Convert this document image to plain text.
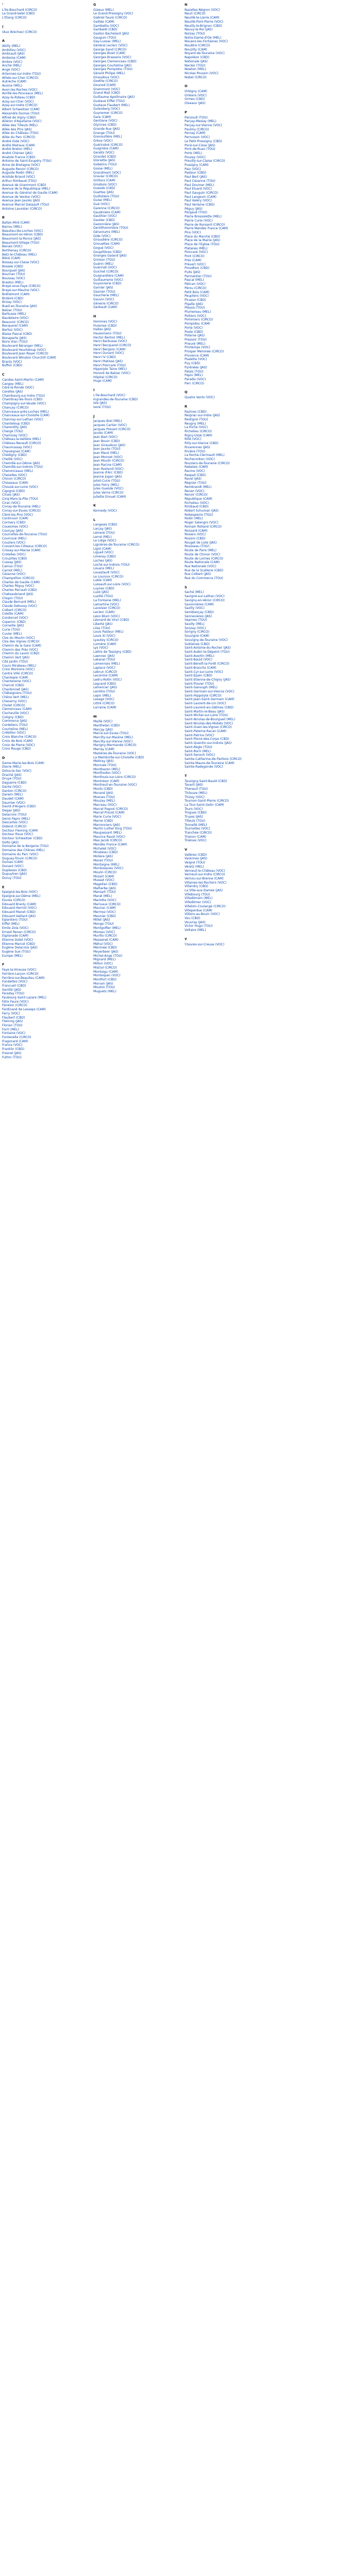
’
L'Île-Bouchard (CIRCO)
Le Grand-Vatel (CBD)
L'Étang (CIRCO)
(
(Aux Brèches) (CIRCO)
A
Abilly (MEL)
Ambillou (VOC)
Ambrault (JAS)
Amboise (CAM)
Ambre (VOC)
Anché (MEL)
Angé (VOC)
Artannes-sur-Indre (TOU)
Athée-sur-Cher (CIRCO)
Autrèche (CAM)
Avoine (MEL)
Avon-les-Roches (VOC)
Avrillé-les-Ponceaux (MEL)
Azay-le-Rideau (CBD)
Azay-sur-Cher (VOC)
Azay-sur-Indre (CIRCO)
Albert Schweitzer (CAM)
Alexandre Dumas (TOU)
Alfred de Vigny (CBD)
Aliénor d'Aquitaine (VOC)
Allée des Tilleuls (MEL)
Allée des Pins (JAS)
Allée du Château (TOU)
Allée du Parc (CIRCO)
André Gide (VOC)
André Malraux (CAM)
André Breton (MEL)
André Chénier (JAS)
Anatole France (CBD)
Antoine de Saint-Exupéry (TOU)
Anne de Bretagne (VOC)
Auguste Renoir (CIRCO)
Auguste Rodin (MEL)
Aristide Briand (VOC)
Arthur Rimbaud (TOU)
Avenue de Grammont (CBD)
Avenue de la République (MEL)
Avenue du Général de Gaulle (CAM)
Avenue de Verdun (VOC)
Avenue Jean Jaurès (JAS)
Avenue Marcel Dassault (TOU)
Antoine Lavoisier (CIRCO)
B
Ballan-Miré (CAM)
Barrou (MEL)
Beaulieu-lès-Loches (VOC)
Beaumont-en-Véron (CBD)
Beaumont-la-Ronce (JAS)
Beaumont-Village (TOU)
Benais (VOC)
Berthenay (CIRCO)
Betz-le-Château (MEL)
Bléré (CAM)
Bossay-sur-Claise (VOC)
Bossée (CBD)
Bourgueil (JAS)
Bournan (TOU)
Boussay (VOC)
Braslou (MEL)
Braye-sous-Faye (CIRCO)
Braye-sur-Maulne (VOC)
Bréhémont (CAM)
Bridoré (CBD)
Brizay (VOC)
Bueil-en-Touraine (JAS)
Balzac (TOU)
Barbusse (MEL)
Baudelaire (VOC)
Beauvoir (CIRCO)
Becquerel (CAM)
Berlioz (VOC)
Blaise Pascal (CBD)
Bonaparte (JAS)
Boris Vian (TOU)
Boulevard Béranger (MEL)
Boulevard Heurteloup (VOC)
Boulevard Jean Royer (CIRCO)
Boulevard Winston Churchill (CAM)
Branly (VOC)
Buffon (CBD)
C
Candes-Saint-Martin (CAM)
Cangey (MEL)
Céré-la-Ronde (VOC)
Cerelles (JAS)
Chambourg-sur-Indre (TOU)
Chambray-lès-Tours (CBD)
Champigny-sur-Veude (VOC)
Chançay (CIRCO)
Chanceaux-près-Loches (MEL)
Chanceaux-sur-Choisille (CAM)
Channay-sur-Lathan (VOC)
Chanteloup (CBD)
Charentilly (JAS)
Chargé (TOU)
Charnizay (VOC)
Château-la-Vallière (MEL)
Château-Renault (CIRCO)
Chaumussay (VOC)
Chaveignes (CAM)
Chédigny (CBD)
Cheillé (VOC)
Chemillé-sur-Dême (JAS)
Chemillé-sur-Indrois (TOU)
Chenonceaux (MEL)
Chezelles (VOC)
Chinon (CIRCO)
Chisseaux (CAM)
Chouzé-sur-Loire (VOC)
Cigogné (CBD)
Cinais (JAS)
Cinq-Mars-la-Pile (TOU)
Ciran (VOC)
Civray-de-Touraine (MEL)
Civray-sur-Esves (CIRCO)
Cléré-les-Pins (VOC)
Continvoir (CAM)
Cormery (CBD)
Couesmes (VOC)
Courçay (JAS)
Courcelles-de-Touraine (TOU)
Courcoué (MEL)
Couziers (VOC)
Cravant-les-Côteaux (CIRCO)
Crissay-sur-Manse (CAM)
Crotelles (VOC)
Crouzilles (CBD)
Cussay (JAS)
Camus (TOU)
Carnot (MEL)
Cézanne (VOC)
Champollion (CIRCO)
Charles de Gaulle (CAM)
Charles Péguy (VOC)
Charles Perrault (CBD)
Chateaubriand (JAS)
Chopin (TOU)
Claude Bernard (MEL)
Claude Debussy (VOC)
Colbert (CIRCO)
Colette (CAM)
Condorcet (VOC)
Copernic (CBD)
Corneille (JAS)
Curie (TOU)
Cuvier (MEL)
Clos du Moulin (VOC)
Clos des Vignes (CIRCO)
Chemin de la Gare (CAM)
Chemin des Prés (VOC)
Chemin du Lavoir (CBD)
Chemin Vert (JAS)
Cité Jardin (TOU)
Cours Mirabeau (MEL)
Croix Montoire (VOC)
Centre Ville (CIRCO)
Chantepie (CAM)
Chantereine (VOC)
Charcot (CBD)
Chardonnet (JAS)
Châtaigniers (TOU)
Chêne Vert (MEL)
Cheverny (VOC)
Cholet (CIRCO)
Clemenceau (CAM)
Clocheville (VOC)
Coligny (CBD)
Commerce (JAS)
Cordeliers (TOU)
Courteline (MEL)
Crébillon (VOC)
Croix Blanche (CIRCO)
Croix de Bois (CAM)
Croix de Pierre (VOC)
Croix Rouge (CBD)
D
Dame-Marie-les-Bois (CAM)
Dierre (MEL)
Dolus-le-Sec (VOC)
Draché (JAS)
Druye (TOU)
Daguerre (CBD)
Dante (VOC)
Danton (CIRCO)
Darwin (MEL)
Daudet (CAM)
Daumier (VOC)
David d'Angers (CBD)
Degas (JAS)
Delacroix (TOU)
Denis Papin (MEL)
Descartes (VOC)
Diderot (CIRCO)
Docteur Fleming (CAM)
Docteur Roux (VOC)
Docteur Schweitzer (CBD)
Dolto (JAS)
Domaine de la Bergerie (TOU)
Domaine des Chênes (MEL)
Domaine du Parc (VOC)
Duguay-Trouin (CIRCO)
Dumas (CAM)
Dunant (VOC)
Duplessis (CBD)
Dupuytren (JAS)
Duruy (TOU)
E
Épeigné-les-Bois (VOC)
Épeigné-sur-Dême (MEL)
Esvres (CIRCO)
Édouard Branly (CAM)
Édouard Herriot (VOC)
Édouard Manet (CBD)
Édouard Vaillant (JAS)
Églantiers (TOU)
Eiffel (MEL)
Émile Zola (VOC)
Ernest Renan (CIRCO)
Esplanade (CAM)
Étienne Dolet (VOC)
Étienne Marcel (CBD)
Eugène Delacroix (JAS)
Eugène Sue (TOU)
Europe (MEL)
F
Faye-la-Vineuse (VOC)
Ferrière-Larçon (CIRCO)
Ferrière-sur-Beaulieu (CAM)
Fondettes (VOC)
Francueil (CBD)
Genillé (JAS)
Faraday (TOU)
Faubourg Saint-Lazare (MEL)
Félix Faure (VOC)
Fénelon (CIRCO)
Ferdinand de Lesseps (CAM)
Ferry (VOC)
Flaubert (CBD)
Fleming (JAS)
Florian (TOU)
Foch (MEL)
Fontaine (VOC)
Fontenelle (CIRCO)
Fragonard (CAM)
France (VOC)
Franklin (CBD)
Fresnel (JAS)
Fulton (TOU)
G
Gizeux (MEL)
Le Grand-Pressigny (VOC)
Gabriel Fauré (CIRCO)
Galilée (CAM)
Gambetta (VOC)
Garibaldi (CBD)
Gaston Bachelard (JAS)
Gauguin (TOU)
Gay-Lussac (MEL)
Général Leclerc (VOC)
George Sand (CIRCO)
Georges Bizet (CAM)
Georges Brassens (VOC)
Georges Clemenceau (CBD)
Georges Courteline (JAS)
Georges Pompidou (TOU)
Gérard Philipe (MEL)
Giraudoux (VOC)
Goethe (CIRCO)
Gounod (CAM)
Grammont (VOC)
Grand Mail (CBD)
Guillaume Apollinaire (JAS)
Gustave Eiffel (TOU)
Gustave Flaubert (MEL)
Gutenberg (VOC)
Guynemer (CIRCO)
Gare (CAM)
Gentiane (VOC)
Glycines (CBD)
Grande Rue (JAS)
Grange (TOU)
Grenouillère (MEL)
Grève (VOC)
Guérinière (CIRCO)
Guignière (CAM)
Genêts (VOC)
Girardet (CBD)
Gloriette (JAS)
Gobelins (TOU)
Gosse (MEL)
Grandmont (VOC)
Gravier (CIRCO)
Grillons (CAM)
Grosbois (VOC)
Guesde (CBD)
Guettes (JAS)
Guillotière (TOU)
Guise (MEL)
Gué (VOC)
Garenne (CIRCO)
Gaudinière (CAM)
Gauthier (VOC)
Gautier (CBD)
Gazonnière (JAS)
Gentilhommière (TOU)
Géraniums (MEL)
Gide (VOC)
Giraudière (CIRCO)
Girouettes (CAM)
Gogué (VOC)
Goupillières (CBD)
Granges Galand (JAS)
Groison (TOU)
Guérin (MEL)
Guérinet (VOC)
Guichet (CIRCO)
Guignardière (CAM)
Guillaumerie (VOC)
Guyonnerie (CBD)
Garnier (JAS)
Gasnier (TOU)
Gaucherie (MEL)
Gauvin (VOC)
Génerie (CIRCO)
Gerbault (CAM)
H
Hommes (VOC)
Huismes (CBD)
Halles (JAS)
Haussmann (TOU)
Hector Berlioz (MEL)
Henri Barbusse (VOC)
Henri Becquerel (CIRCO)
Henri Bergson (CAM)
Henri Dunant (VOC)
Henri IV (CBD)
Henri Matisse (JAS)
Henri Poincaré (TOU)
Hippolyte Taine (MEL)
Honoré de Balzac (VOC)
Hôpital (CIRCO)
Hugo (CAM)
I
L'Île-Bouchard (VOC)
Ingrandes-de-Touraine (CBD)
Isle (JAS)
Isoré (TOU)
J
Jacques Brel (MEL)
Jacques Cartier (VOC)
Jacques Prévert (CIRCO)
Jaurès (CAM)
Jean Bart (VOC)
Jean Bouin (CBD)
Jean Giraudoux (JAS)
Jean Jaurès (TOU)
Jean Macé (MEL)
Jean Monnet (VOC)
Jean Moulin (CIRCO)
Jean Racine (CAM)
Jean Rostand (VOC)
Jeanne d'Arc (CBD)
Jeanne Jugan (JAS)
Joliot-Curie (TOU)
Jules Ferry (MEL)
Jules Guesde (VOC)
Jules Verne (CIRCO)
Juliette Drouet (CAM)
K
Kennedy (VOC)
L
Langeais (CBD)
Larçay (JAS)
Lémeré (TOU)
Lerné (MEL)
Le Liège (VOC)
Lignières-de-Touraine (CIRCO)
Ligré (CAM)
Ligueil (VOC)
Limeray (CBD)
Loches (JAS)
Loché-sur-Indrois (TOU)
Louans (MEL)
Louestault (VOC)
Le Louroux (CIRCO)
Lublé (CAM)
Lussault-sur-Loire (VOC)
Luynes (CBD)
Luzé (JAS)
Luzillé (TOU)
La Fontaine (MEL)
Lamartine (VOC)
Lavoisier (CIRCO)
Leclerc (CAM)
Léon Blum (VOC)
Léonard de Vinci (CBD)
Liberté (JAS)
Lilas (TOU)
Louis Pasteur (MEL)
Louis XI (VOC)
Lyautey (CIRCO)
Lumière (CAM)
Lys (VOC)
Lattre de Tassigny (CBD)
Laennec (JAS)
Lakanal (TOU)
Lamennais (MEL)
Laplace (VOC)
Lebrun (CIRCO)
Lecointre (CAM)
Ledru-Rollin (VOC)
Legrand (CBD)
Lemercier (JAS)
Lenôtre (TOU)
Lepic (MEL)
Lesage (VOC)
Littré (CIRCO)
Lorraine (CAM)
M
Maillé (VOC)
Manthelan (CBD)
Marçay (JAS)
Marcé-sur-Esves (TOU)
Marcilly-sur-Maulne (MEL)
Marcilly-sur-Vienne (VOC)
Marigny-Marmande (CIRCO)
Marray (CAM)
Mazières-de-Touraine (VOC)
La Membrolle-sur-Choisille (CBD)
Mettray (JAS)
Monnaie (TOU)
Montbazon (MEL)
Monthodon (VOC)
Montlouis-sur-Loire (CIRCO)
Montrésor (CAM)
Montreuil-en-Touraine (VOC)
Monts (CBD)
Morand (JAS)
Mosnes (TOU)
Mouzay (MEL)
Marceau (VOC)
Marcel Pagnol (CIRCO)
Marcel Proust (CAM)
Marie Curie (VOC)
Marne (CBD)
Marronniers (JAS)
Martin Luther King (TOU)
Maupassant (MEL)
Maurice Ravel (VOC)
Max Jacob (CIRCO)
Mendès France (CAM)
Michelet (VOC)
Mirabeau (CBD)
Molière (JAS)
Monet (TOU)
Montaigne (MEL)
Montesquieu (VOC)
Moulin (CIRCO)
Mozart (CAM)
Musset (VOC)
Magellan (CBD)
Malherbe (JAS)
Mansart (TOU)
Marat (MEL)
Mariotte (VOC)
Marivaux (CIRCO)
Mauriac (CAM)
Mermoz (VOC)
Meunier (CBD)
Millet (JAS)
Monge (TOU)
Montgolfier (MEL)
Moreau (VOC)
Murillo (CIRCO)
Massenet (CAM)
Méhul (VOC)
Mérimée (CBD)
Meyerbeer (JAS)
Michel-Ange (TOU)
Mignard (MEL)
Milton (VOC)
Mistral (CIRCO)
Montaigu (CAM)
Montespan (VOC)
Montfort (CBD)
Morvan (JAS)
Mouton (TOU)
Muguets (MEL)
N
Nazelles-Négron (VOC)
Neuil (CIRCO)
Neuillé-le-Lierre (CAM)
Neuillé-Pont-Pierre (VOC)
Neuilly-le-Brignon (CBD)
Neuvy-le-Roi (JAS)
Noizay (TOU)
Notre-Dame-d'Oé (MEL)
Nouans-les-Fontaines (VOC)
Nouâtre (CIRCO)
Nouzilly (CAM)
Noyant-de-Touraine (VOC)
Napoléon (CBD)
Nationale (JAS)
Necker (TOU)
Newton (MEL)
Nicolas Poussin (VOC)
Nobel (CIRCO)
O
Orbigny (CAM)
Orléans (VOC)
Ormes (CBD)
Oiseaux (JAS)
P
Panzoult (TOU)
Parçay-Meslay (MEL)
Parçay-sur-Vienne (VOC)
Paulmy (CIRCO)
Pernay (CAM)
Perrusson (VOC)
Le Petit-Pressigny (CBD)
Pocé-sur-Cisse (JAS)
Pont-de-Ruan (TOU)
Ports (MEL)
Pouzay (VOC)
Preuilly-sur-Claise (CIRCO)
Pussigny (CAM)
Paix (VOC)
Pasteur (CBD)
Paul Bert (JAS)
Paul Cézanne (TOU)
Paul Doumer (MEL)
Paul Éluard (VOC)
Paul Gauguin (CIRCO)
Paul Langevin (CAM)
Paul Valéry (VOC)
Paul Verlaine (CBD)
Péguy (JAS)
Pergaud (TOU)
Pierre Brossolette (MEL)
Pierre Curie (VOC)
Pierre de Ronsard (CIRCO)
Pierre Mendès France (CAM)
Pins (VOC)
Place du Marché (CBD)
Place de la Mairie (JAS)
Place de l'Église (TOU)
Platanes (MEL)
Poincaré (VOC)
Pont (CIRCO)
Prés (CAM)
Prévert (VOC)
Proudhon (CBD)
Puits (JAS)
Parmentier (TOU)
Pascal (MEL)
Pélican (VOC)
Pérou (CIRCO)
Petit Bois (CAM)
Peupliers (VOC)
Picasso (CBD)
Pigalle (JAS)
Plessis (TOU)
Plumereau (MEL)
Poitiers (VOC)
Pommiers (CIRCO)
Pompidou (CAM)
Porte (VOC)
Poste (CBD)
Poterne (JAS)
Pressoir (TOU)
Prieuré (MEL)
Printemps (VOC)
Prosper Mérimée (CIRCO)
Provence (CAM)
Psalette (VOC)
Puy (CBD)
Pyrénées (JAS)
Palais (TOU)
Papin (MEL)
Paradis (VOC)
Parc (CIRCO)
Q
Quatre Vents (VOC)
R
Razines (CBD)
Reignac-sur-Indre (JAS)
Restigné (TOU)
Reugny (MEL)
La Riche (VOC)
Richelieu (CIRCO)
Rigny-Ussé (CAM)
Rillé (VOC)
Rilly-sur-Vienne (CBD)
Rivarennes (JAS)
Rivière (TOU)
La Roche-Clermault (MEL)
Rochecorbon (VOC)
Rouziers-de-Touraine (CIRCO)
Rabelais (CAM)
Racine (VOC)
Raspail (CBD)
Ravel (JAS)
Régnier (TOU)
Rembrandt (MEL)
Renan (VOC)
Renoir (CIRCO)
République (CAM)
Richelieu (VOC)
Rimbaud (CBD)
Robert Schuman (JAS)
Robespierre (TOU)
Rodin (MEL)
Roger Salengro (VOC)
Romain Rolland (CIRCO)
Ronsard (CAM)
Rosiers (VOC)
Rossini (CBD)
Rouget de Lisle (JAS)
Rousseau (TOU)
Route de Paris (MEL)
Route de Chinon (VOC)
Route de Loches (CIRCO)
Route Nationale (CAM)
Rue Nationale (VOC)
Rue de la Scellerie (CBD)
Rue Colbert (JAS)
Rue du Commerce (TOU)
S
Saché (MEL)
Savigné-sur-Lathan (VOC)
Savigny-en-Véron (CIRCO)
Savonnières (CAM)
Sazilly (VOC)
Semblançay (CBD)
Sennevières (JAS)
Sepmes (TOU)
Seuilly (MEL)
Sonzay (VOC)
Sorigny (CIRCO)
Souvigné (CAM)
Souvigny-de-Touraine (VOC)
Sublaines (CBD)
Saint-Antoine-du-Rocher (JAS)
Saint-Aubin-le-Dépeint (TOU)
Saint-Avertin (MEL)
Saint-Bauld (VOC)
Saint-Benoît-la-Forêt (CIRCO)
Saint-Branchs (CAM)
Saint-Cyr-sur-Loire (VOC)
Saint-Épain (CBD)
Saint-Étienne-de-Chigny (JAS)
Saint-Flovier (TOU)
Saint-Genouph (MEL)
Saint-Germain-sur-Vienne (VOC)
Saint-Hippolyte (CIRCO)
Saint-Jean-Saint-Germain (CAM)
Saint-Laurent-de-Lin (VOC)
Saint-Laurent-en-Gâtines (CBD)
Saint-Martin-le-Beau (JAS)
Saint-Michel-sur-Loire (TOU)
Saint-Nicolas-de-Bourgueil (MEL)
Saint-Nicolas-des-Motets (VOC)
Saint-Ouen-les-Vignes (CIRCO)
Saint-Paterne-Racan (CAM)
Saint-Patrice (VOC)
Saint-Pierre-des-Corps (CBD)
Saint-Quentin-sur-Indrois (JAS)
Saint-Règle (TOU)
Saint-Roch (MEL)
Saint-Senoch (VOC)
Sainte-Catherine-de-Fierbois (CIRCO)
Sainte-Maure-de-Touraine (CAM)
Sainte-Radegonde (VOC)
T
Tauxigny-Saint-Bauld (CBD)
Tavant (JAS)
Theneuil (TOU)
Thilouze (MEL)
Thizay (VOC)
Tournon-Saint-Pierre (CIRCO)
La Tour-Saint-Gelin (CAM)
Tours (VOC)
Trogues (CBD)
Truyes (JAS)
Tilleuls (TOU)
Tonnellé (MEL)
Tournelles (VOC)
Tranchée (CIRCO)
Trianon (CAM)
Troènes (VOC)
V
Vallères (CBD)
Varennes (JAS)
Veigné (TOU)
Véretz (MEL)
Verneuil-le-Château (VOC)
Verneuil-sur-Indre (CIRCO)
Vernou-sur-Brenne (CAM)
Villaines-les-Rochers (VOC)
Villandry (CBD)
La Ville-aux-Dames (JAS)
Villebourg (TOU)
Villedômain (MEL)
Villedômer (VOC)
Villeloin-Coulangé (CIRCO)
Villeperdue (CAM)
Villiers-au-Bouin (VOC)
Vou (CBD)
Vouvray (JAS)
Victor Hugo (TOU)
Voltaire (MEL)
Y
Yzeures-sur-Creuse (VOC)
